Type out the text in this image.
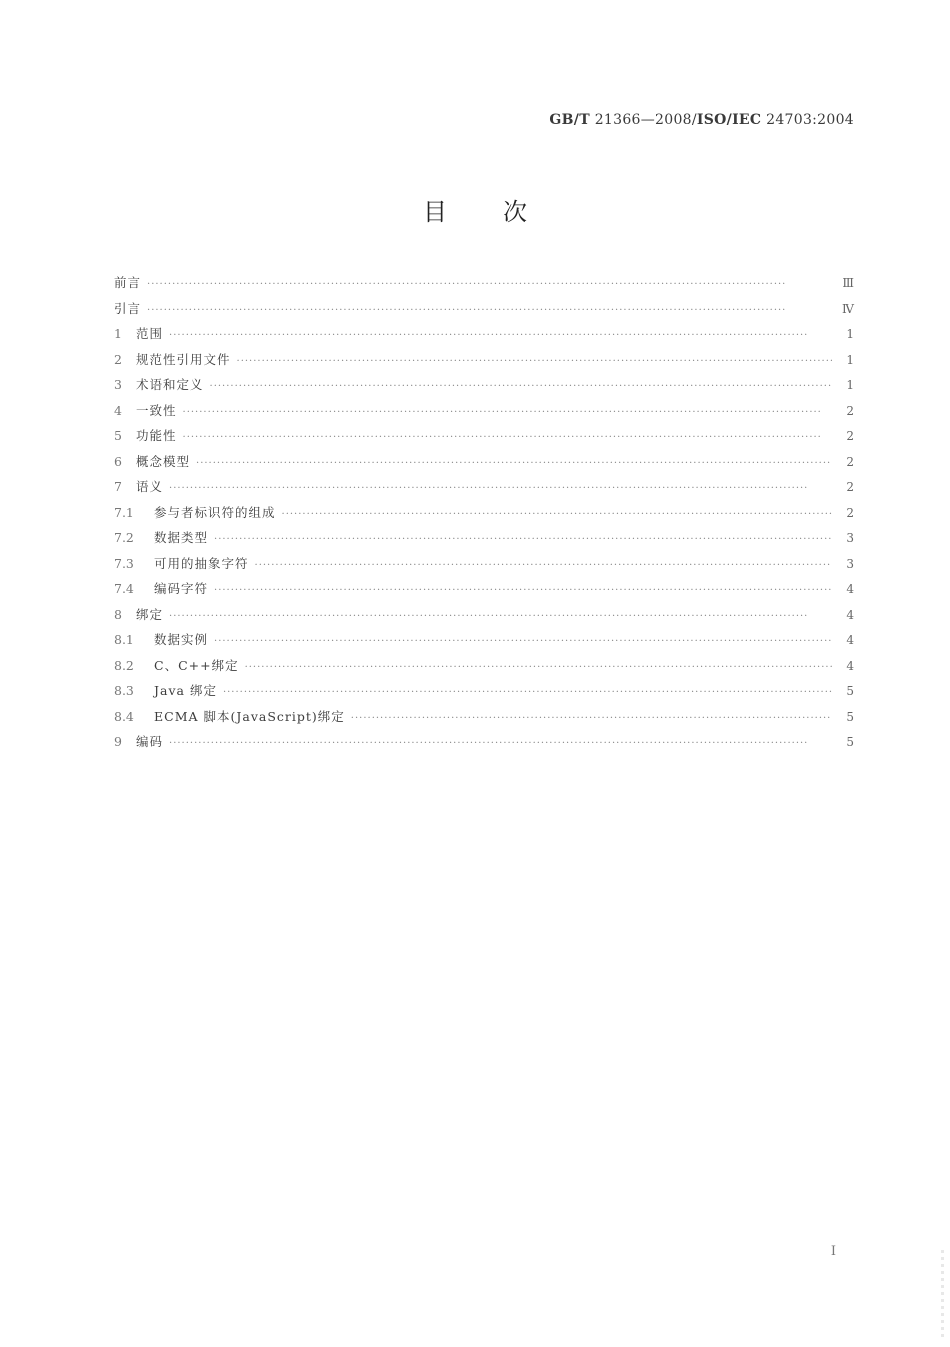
GB/T 21366—2008/ISO/IEC 24703:2004
目次
前言 ·····	Ⅲ
引言 ·····	Ⅳ
1	范围 ·····	1
2	规范性引用文件 ·····	1
3	术语和定义 ·····	1
4	一致性 ·····	2
5	功能性 ·····	2
6	概念模型 ·····	2
7	语义 ·····	2
7.1	参与者标识符的组成 ·····	2
7.2	数据类型 ·····	3
7.3	可用的抽象字符 ·····	3
7.4	编码字符 ·····	4
8	绑定 ·····	4
8.1	数据实例 ·····	4
8.2	C、C++绑定 ·····	4
8.3	Java 绑定 ·····	5
8.4	ECMA 脚本(JavaScript)绑定 ·····	5
9	编码 ·····	5
Ⅰ
